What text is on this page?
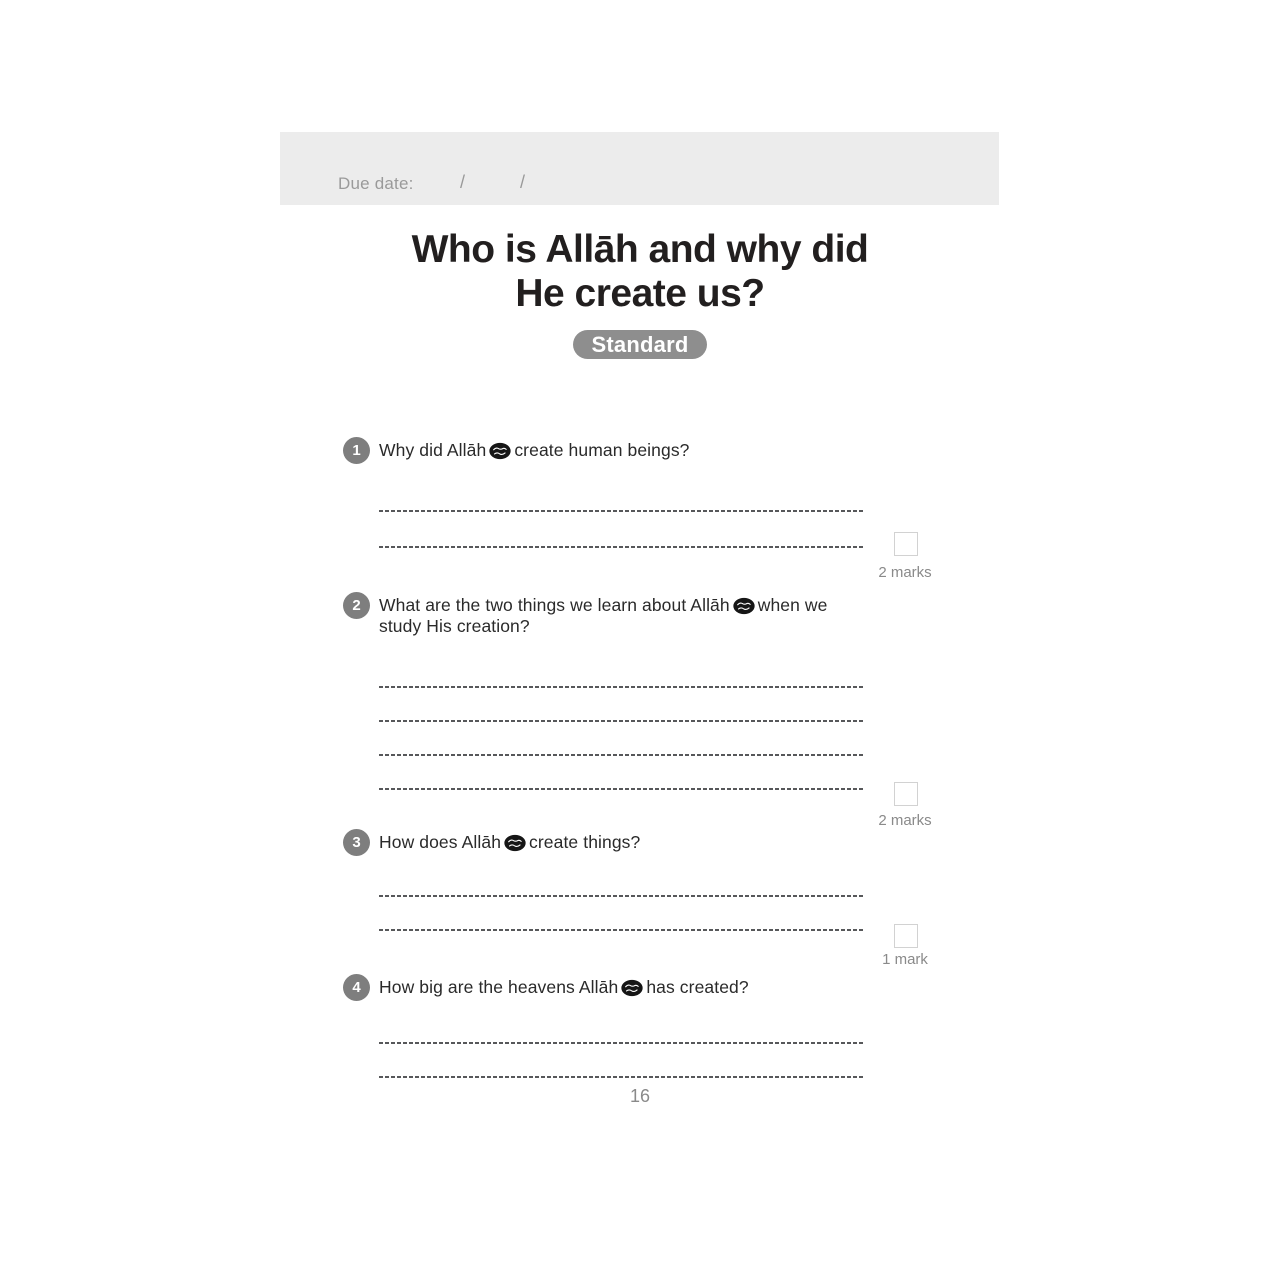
Due date:	/	/
Who is Allāh and why did
He create us?
Standard
1	Why did Allāh create human beings?
2 marks
2	What are the two things we learn about Allāh when we study His creation?
2 marks
3	How does Allāh create things?
1 mark
4	How big are the heavens Allāh has created?
16
